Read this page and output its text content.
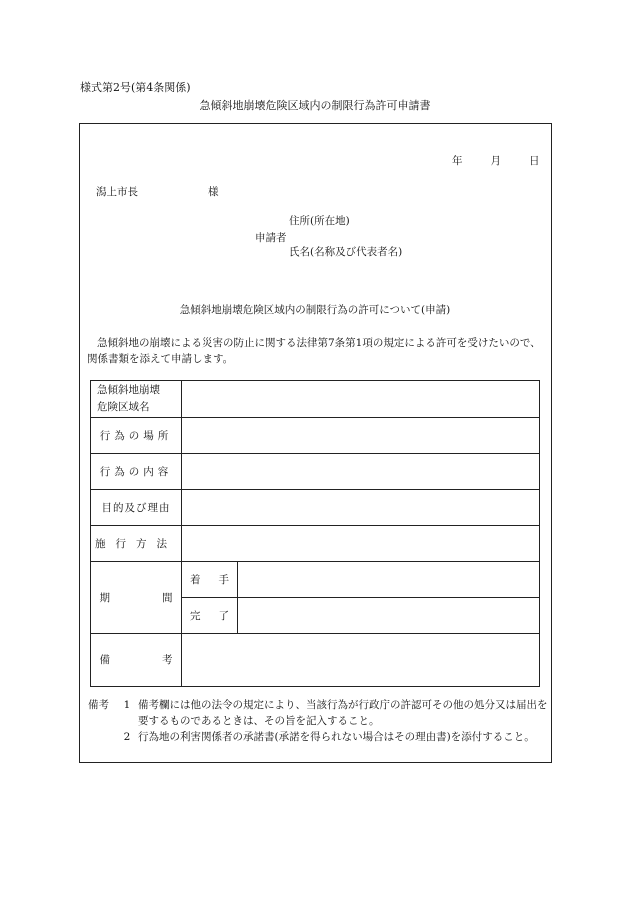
様式第2号(第4条関係)
急傾斜地崩壊危険区域内の制限行為許可申請書
年	月	日
潟上市長	様
住所(所在地)
申請者
氏名(名称及び代表者名)
急傾斜地崩壊危険区域内の制限行為の許可について(申請)
急傾斜地の崩壊による災害の防止に関する法律第7条第1項の規定による許可を受けたいので、関係書類を添えて申請します。
急傾斜地崩壊
危険区域名
行為の場所
行為の内容
目的及び理由
施行方法
期間
着手
完了
備考
備考	1 備考欄には他の法令の規定により、当該行為が行政庁の許認可その他の処分又は届出を要するものであるときは、その旨を記入すること。
2 行為地の利害関係者の承諾書(承諾を得られない場合はその理由書)を添付すること。
